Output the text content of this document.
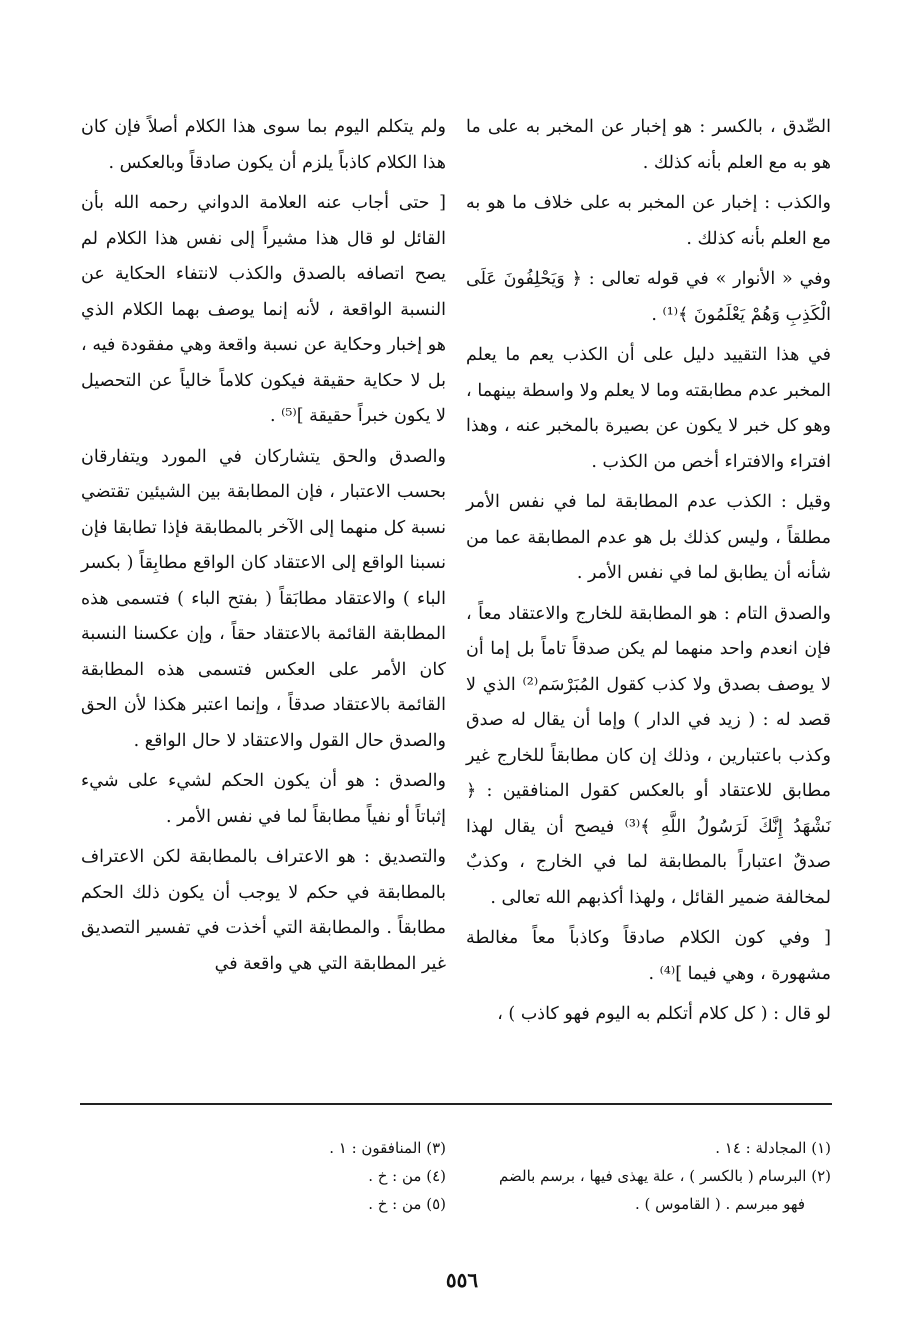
الصِّدق ، بالكسر : هو إخبار عن المخبر به على ما هو به مع العلم بأنه كذلك .

والكذب : إخبار عن المخبر به على خلاف ما هو به مع العلم بأنه كذلك .

وفي « الأنوار » في قوله تعالى : ﴿ وَيَحْلِفُونَ عَلَى الْكَذِبِ وَهُمْ يَعْلَمُونَ ﴾⁽¹⁾ .

في هذا التقييد دليل على أن الكذب يعم ما يعلم المخبر عدم مطابقته وما لا يعلم ولا واسطة بينهما ، وهو كل خبر لا يكون عن بصيرة بالمخبر عنه ، وهذا افتراء والافتراء أخص من الكذب .

وقيل : الكذب عدم المطابقة لما في نفس الأمر مطلقاً ، وليس كذلك بل هو عدم المطابقة عما من شأنه أن يطابق لما في نفس الأمر .

والصدق التام : هو المطابقة للخارج والاعتقاد معاً ، فإن انعدم واحد منهما لم يكن صدقاً تاماً بل إما أن لا يوصف بصدق ولا كذب كقول المُبَرْسَم⁽²⁾ الذي لا قصد له : ( زيد في الدار ) وإما أن يقال له صدق وكذب باعتبارين ، وذلك إن كان مطابقاً للخارج غير مطابق للاعتقاد أو بالعكس كقول المنافقين : ﴿ نَشْهَدُ إِنَّكَ لَرَسُولُ اللَّهِ ﴾⁽³⁾ فيصح أن يقال لهذا صدقٌ اعتباراً بالمطابقة لما في الخارج ، وكذبٌ لمخالفة ضمير القائل ، ولهذا أكذبهم الله تعالى .

[ وفي كون الكلام صادقاً وكاذباً معاً مغالطة مشهورة ، وهي فيما ]⁽⁴⁾ .

لو قال : ( كل كلام أتكلم به اليوم فهو كاذب ) ،

ولم يتكلم اليوم بما سوى هذا الكلام أصلاً فإن كان هذا الكلام كاذباً يلزم أن يكون صادقاً وبالعكس .

[ حتى أجاب عنه العلامة الدواني رحمه الله بأن القائل لو قال هذا مشيراً إلى نفس هذا الكلام لم يصح اتصافه بالصدق والكذب لانتفاء الحكاية عن النسبة الواقعة ، لأنه إنما يوصف بهما الكلام الذي هو إخبار وحكاية عن نسبة واقعة وهي مفقودة فيه ، بل لا حكاية حقيقة فيكون كلاماً خالياً عن التحصيل لا يكون خبراً حقيقة ]⁽⁵⁾ .

والصدق والحق يتشاركان في المورد ويتفارقان بحسب الاعتبار ، فإن المطابقة بين الشيئين تقتضي نسبة كل منهما إلى الآخر بالمطابقة فإذا تطابقا فإن نسبنا الواقع إلى الاعتقاد كان الواقع مطابِقاً ( بكسر الباء ) والاعتقاد مطابَقاً ( بفتح الباء ) فتسمى هذه المطابقة القائمة بالاعتقاد حقاً ، وإن عكسنا النسبة كان الأمر على العكس فتسمى هذه المطابقة القائمة بالاعتقاد صدقاً ، وإنما اعتبر هكذا لأن الحق والصدق حال القول والاعتقاد لا حال الواقع .

والصدق : هو أن يكون الحكم لشيء على شيء إثباتاً أو نفياً مطابقاً لما في نفس الأمر .

والتصديق : هو الاعتراف بالمطابقة لكن الاعتراف بالمطابقة في حكم لا يوجب أن يكون ذلك الحكم مطابقاً . والمطابقة التي أخذت في تفسير التصديق غير المطابقة التي هي واقعة في

(١) المجادلة : ١٤ .

(٢) البرسام ( بالكسر ) ، علة يهذى فيها ، برسم بالضم

فهو مبرسم . ( القاموس ) .

(٣) المنافقون : ١ .

(٤) من : خ .

(٥) من : خ .

٥٥٦
